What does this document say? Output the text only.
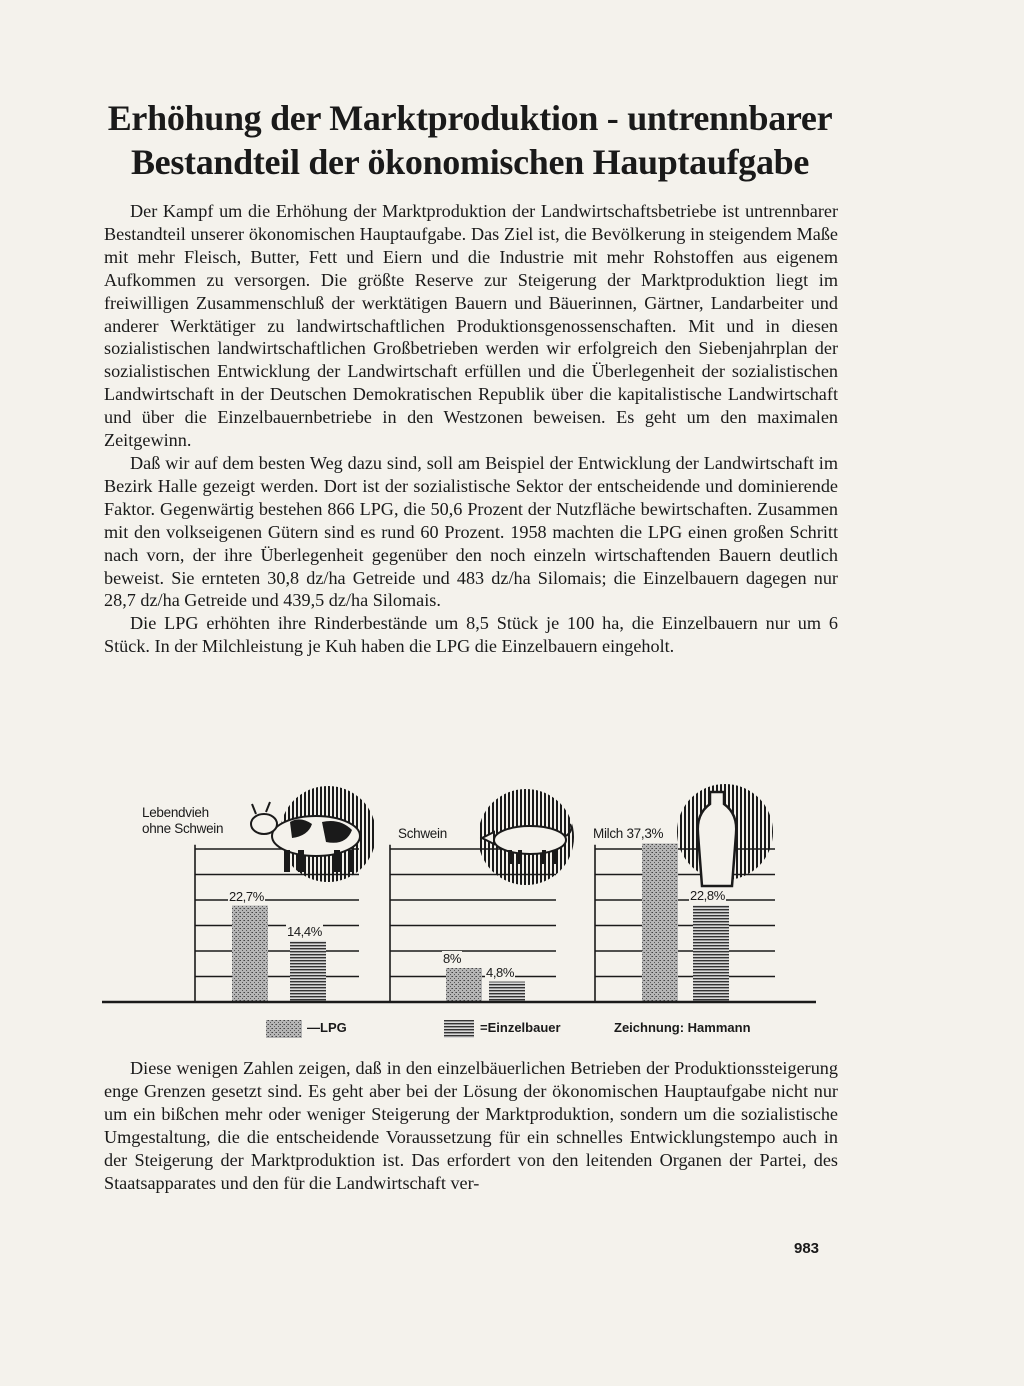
Erhöhung der Marktproduktion - untrennbarer
Bestandteil der ökonomischen Hauptaufgabe

Der Kampf um die Erhöhung der Marktproduktion der Landwirtschaftsbetriebe ist untrennbarer Bestandteil unserer ökonomischen Hauptaufgabe. Das Ziel ist, die Bevölkerung in steigendem Maße mit mehr Fleisch, Butter, Fett und Eiern und die Industrie mit mehr Rohstoffen aus eigenem Aufkommen zu versorgen. Die größte Reserve zur Steigerung der Marktproduktion liegt im freiwilligen Zusammenschluß der werktätigen Bauern und Bäuerinnen, Gärtner, Landarbeiter und anderer Werktätiger zu landwirtschaftlichen Produktionsgenossenschaften. Mit und in diesen sozialistischen landwirtschaftlichen Großbetrieben werden wir erfolgreich den Siebenjahrplan der sozialistischen Entwicklung der Landwirtschaft erfüllen und die Überlegenheit der sozialistischen Landwirtschaft in der Deutschen Demokratischen Republik über die kapitalistische Landwirtschaft und über die Einzelbauernbetriebe in den Westzonen beweisen. Es geht um den maximalen Zeitgewinn.

Daß wir auf dem besten Weg dazu sind, soll am Beispiel der Entwicklung der Landwirtschaft im Bezirk Halle gezeigt werden. Dort ist der sozialistische Sektor der entscheidende und dominierende Faktor. Gegenwärtig bestehen 866 LPG, die 50,6 Prozent der Nutzfläche bewirtschaften. Zusammen mit den volkseigenen Gütern sind es rund 60 Prozent. 1958 machten die LPG einen großen Schritt nach vorn, der ihre Überlegenheit gegenüber den noch einzeln wirtschaftenden Bauern deutlich beweist. Sie ernteten 30,8 dz/ha Getreide und 483 dz/ha Silomais; die Einzelbauern dagegen nur 28,7 dz/ha Getreide und 439,5 dz/ha Silomais.

Die LPG erhöhten ihre Rinderbestände um 8,5 Stück je 100 ha, die Einzelbauern nur um 6 Stück. In der Milchleistung je Kuh haben die LPG die Einzelbauern eingeholt.

Lebendvieh
ohne Schwein	Schwein	Milch 37,3%
22,7%
8%
14,4%
4,8%
22,8%
—LPG	=Einzelbauer	Zeichnung: Hammann

Diese wenigen Zahlen zeigen, daß in den einzelbäuerlichen Betrieben der Produktionssteigerung enge Grenzen gesetzt sind. Es geht aber bei der Lösung der ökonomischen Hauptaufgabe nicht nur um ein bißchen mehr oder weniger Steigerung der Marktproduktion, sondern um die sozialistische Umgestaltung, die die entscheidende Voraussetzung für ein schnelles Entwicklungstempo auch in der Steigerung der Marktproduktion ist. Das erfordert von den leitenden Organen der Partei, des Staatsapparates und den für die Landwirtschaft ver-

983
